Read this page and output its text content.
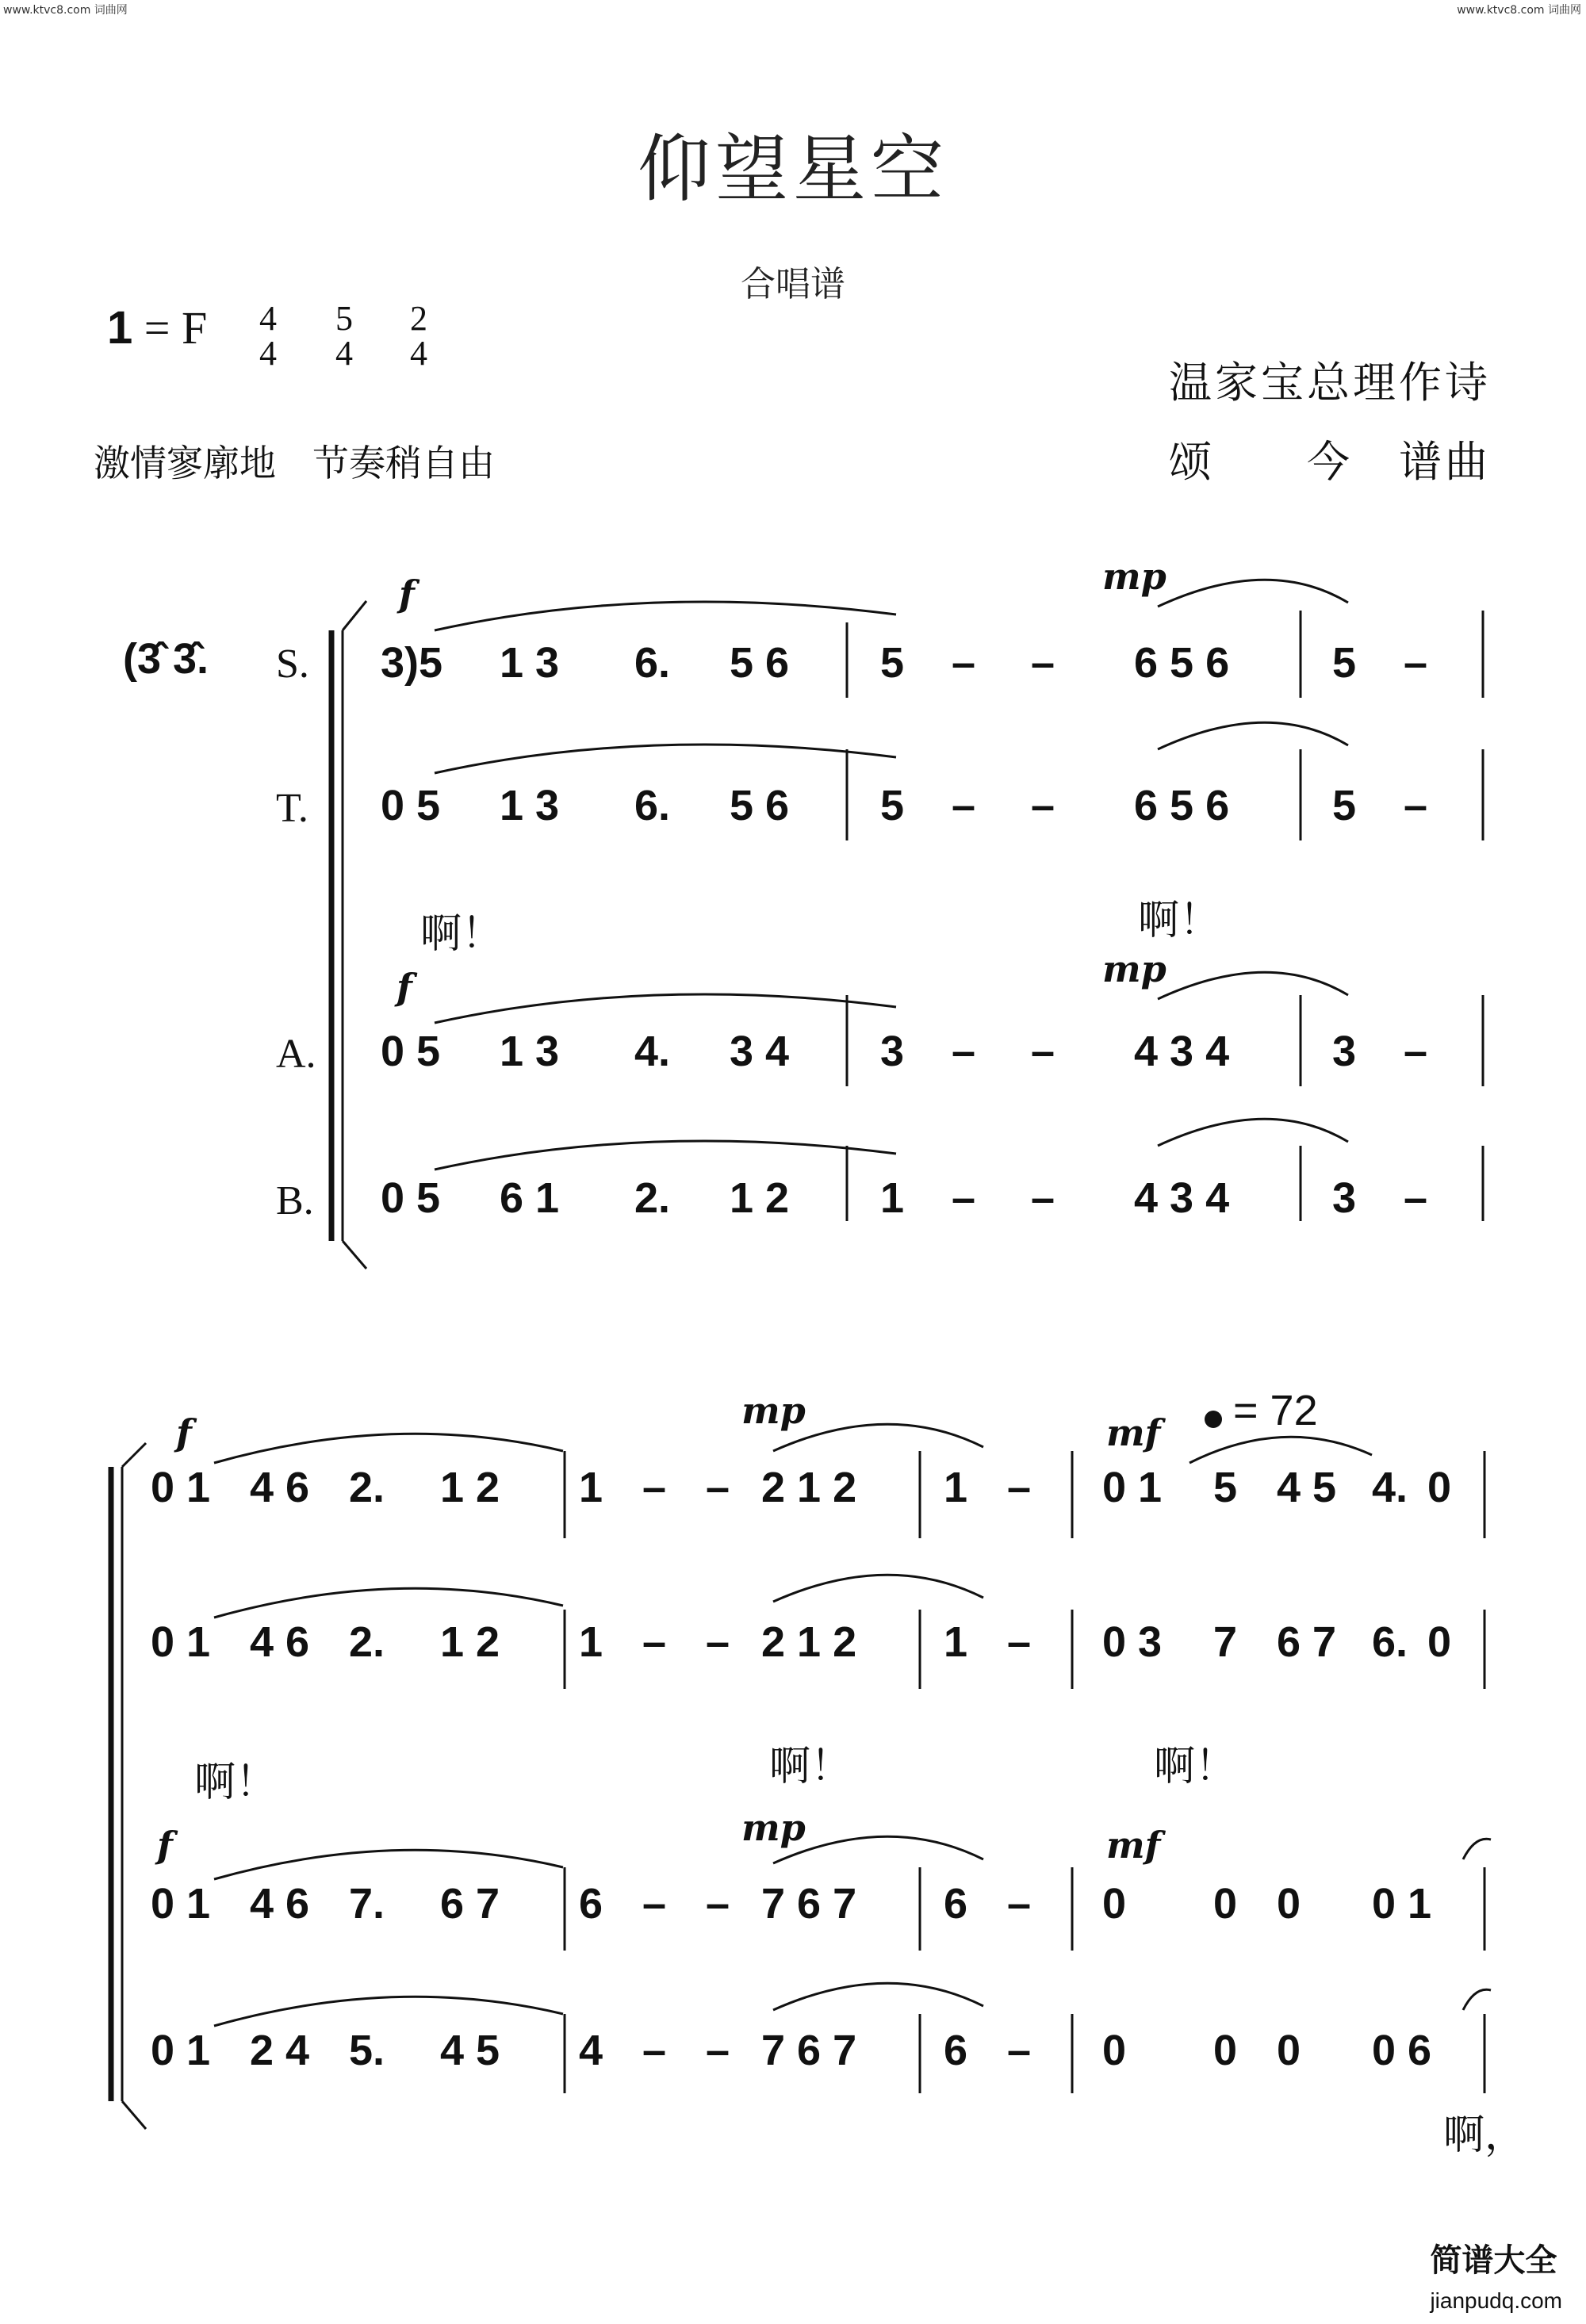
www.ktvc8.com 词曲网	www.ktvc8.com 词曲网
仰望星空
合唱谱
1 = F 4
4
5
4
2
4
激情寥廓地　节奏稍自由
温家宝总理作诗
颂　　今　谱曲
(3̂ 3̂. S.
T.
A.
B.
f	mp
f	mp
啊！	啊！
f
mp
mf
f	mp	mf
= 72
啊！	啊！	啊！
啊，
3)5 1 3 6. 5 6 5 – – 6 5 6 5 –
0 5 1 3 6. 5 6 5 – – 6 5 6 5 –
0 5 1 3 4. 3 4 3 – – 4 3 4 3 –
0 5 6 1 2. 1 2 1 – – 4 3 4 3 –
0 1 4 6 2. 1 2 1 – – 2 1 2 1 – 0 1 5 4 5 4. 0
0 1 4 6 2. 1 2 1 – – 2 1 2 1 – 0 3 7 6 7 6. 0
0 1 4 6 7. 6 7 6 – – 7 6 7 6 – 0 0 0 0 1
0 1 2 4 5. 4 5 4 – – 7 6 7 6 – 0 0 0 0 6
简谱大全
jianpudq.com
